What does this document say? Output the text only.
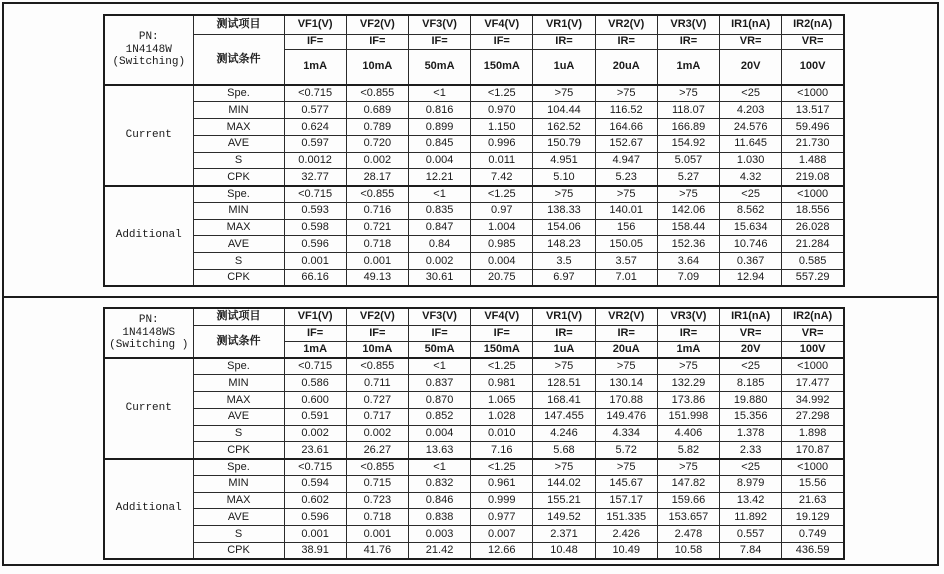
PN:
1N4148W
(Switching)	测试项目	VF1(V)	VF2(V)	VF3(V)	VF4(V)	VR1(V)	VR2(V)	VR3(V)	IR1(nA)	IR2(nA)
	测试条件	IF=	IF=	IF=	IF=	IR=	IR=	IR=	VR=	VR=
		1mA	10mA	50mA	150mA	1uA	20uA	1mA	20V	100V
Current	Spe.	<0.715	<0.855	<1	<1.25	>75	>75	>75	<25	<1000
	MIN	0.577	0.689	0.816	0.970	104.44	116.52	118.07	4.203	13.517
	MAX	0.624	0.789	0.899	1.150	162.52	164.66	166.89	24.576	59.496
	AVE	0.597	0.720	0.845	0.996	150.79	152.67	154.92	11.645	21.730
	S	0.0012	0.002	0.004	0.011	4.951	4.947	5.057	1.030	1.488
	CPK	32.77	28.17	12.21	7.42	5.10	5.23	5.27	4.32	219.08
Additional	Spe.	<0.715	<0.855	<1	<1.25	>75	>75	>75	<25	<1000
	MIN	0.593	0.716	0.835	0.97	138.33	140.01	142.06	8.562	18.556
	MAX	0.598	0.721	0.847	1.004	154.06	156	158.44	15.634	26.028
	AVE	0.596	0.718	0.84	0.985	148.23	150.05	152.36	10.746	21.284
	S	0.001	0.001	0.002	0.004	3.5	3.57	3.64	0.367	0.585
	CPK	66.16	49.13	30.61	20.75	6.97	7.01	7.09	12.94	557.29
PN:
1N4148WS
(Switching )	测试项目	VF1(V)	VF2(V)	VF3(V)	VF4(V)	VR1(V)	VR2(V)	VR3(V)	IR1(nA)	IR2(nA)
	测试条件	IF=	IF=	IF=	IF=	IR=	IR=	IR=	VR=	VR=
		1mA	10mA	50mA	150mA	1uA	20uA	1mA	20V	100V
Current	Spe.	<0.715	<0.855	<1	<1.25	>75	>75	>75	<25	<1000
	MIN	0.586	0.711	0.837	0.981	128.51	130.14	132.29	8.185	17.477
	MAX	0.600	0.727	0.870	1.065	168.41	170.88	173.86	19.880	34.992
	AVE	0.591	0.717	0.852	1.028	147.455	149.476	151.998	15.356	27.298
	S	0.002	0.002	0.004	0.010	4.246	4.334	4.406	1.378	1.898
	CPK	23.61	26.27	13.63	7.16	5.68	5.72	5.82	2.33	170.87
Additional	Spe.	<0.715	<0.855	<1	<1.25	>75	>75	>75	<25	<1000
	MIN	0.594	0.715	0.832	0.961	144.02	145.67	147.82	8.979	15.56
	MAX	0.602	0.723	0.846	0.999	155.21	157.17	159.66	13.42	21.63
	AVE	0.596	0.718	0.838	0.977	149.52	151.335	153.657	11.892	19.129
	S	0.001	0.001	0.003	0.007	2.371	2.426	2.478	0.557	0.749
	CPK	38.91	41.76	21.42	12.66	10.48	10.49	10.58	7.84	436.59
